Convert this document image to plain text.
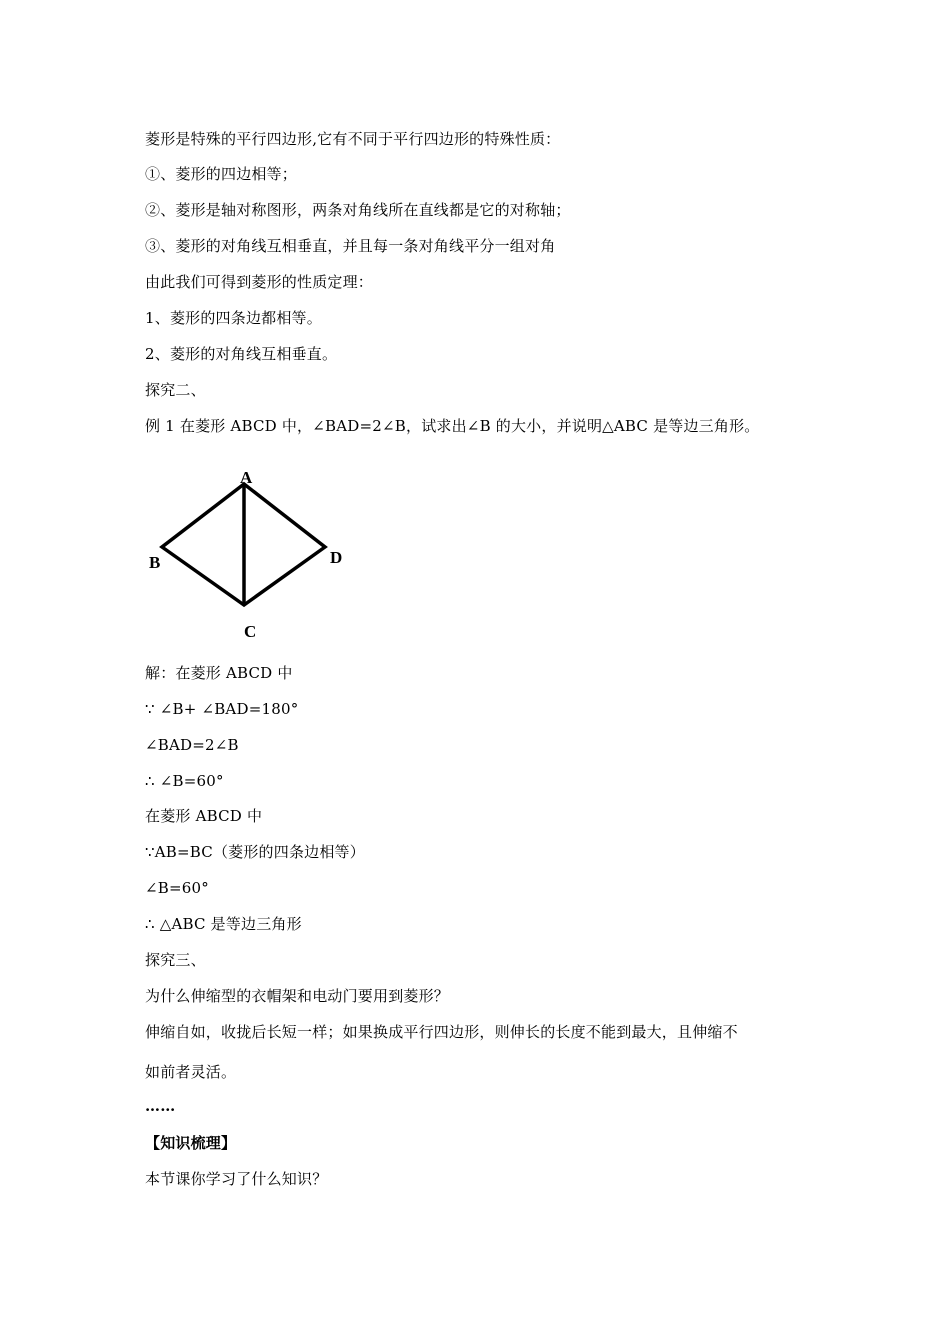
菱形是特殊的平行四边形,它有不同于平行四边形的特殊性质：
①、菱形的四边相等；
②、菱形是轴对称图形，两条对角线所在直线都是它的对称轴；
③、菱形的对角线互相垂直，并且每一条对角线平分一组对角
由此我们可得到菱形的性质定理：
1、菱形的四条边都相等。
2、菱形的对角线互相垂直。
探究二、
例 1 在菱形 ABCD 中，∠BAD=2∠B，试求出∠B 的大小，并说明△ABC 是等边三角形。
A
B
C
D
解：在菱形 ABCD 中
∵ ∠B+ ∠BAD=180°
∠BAD=2∠B
∴ ∠B=60°
在菱形 ABCD 中
∵AB=BC（菱形的四条边相等）
∠B=60°
∴ △ABC 是等边三角形
探究三、
为什么伸缩型的衣帽架和电动门要用到菱形？
伸缩自如，收拢后长短一样；如果换成平行四边形，则伸长的长度不能到最大，且伸缩不
如前者灵活。
……
【知识梳理】
本节课你学习了什么知识？
